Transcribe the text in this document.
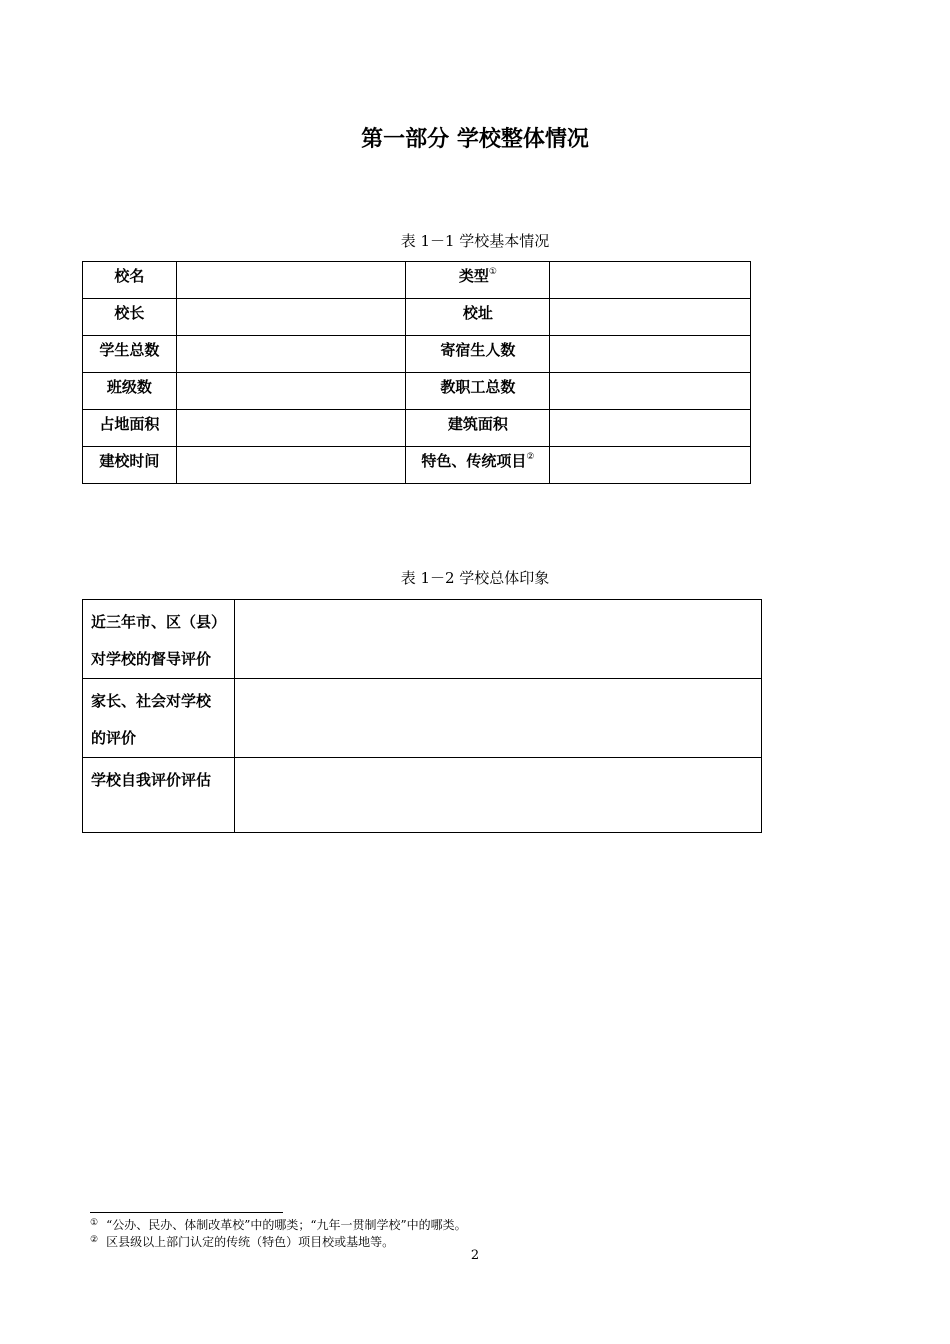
第一部分 学校整体情况
表 1－1 学校基本情况
校名		类型①	
校长		校址	
学生总数		寄宿生人数	
班级数		教职工总数	
占地面积		建筑面积	
建校时间		特色、传统项目②	
表 1－2 学校总体印象
近三年市、区（县）
对学校的督导评价	

家长、社会对学校
的评价	

学校自我评价评估	

① “公办、民办、体制改革校”中的哪类；“九年一贯制学校”中的哪类。
② 区县级以上部门认定的传统（特色）项目校或基地等。
2
